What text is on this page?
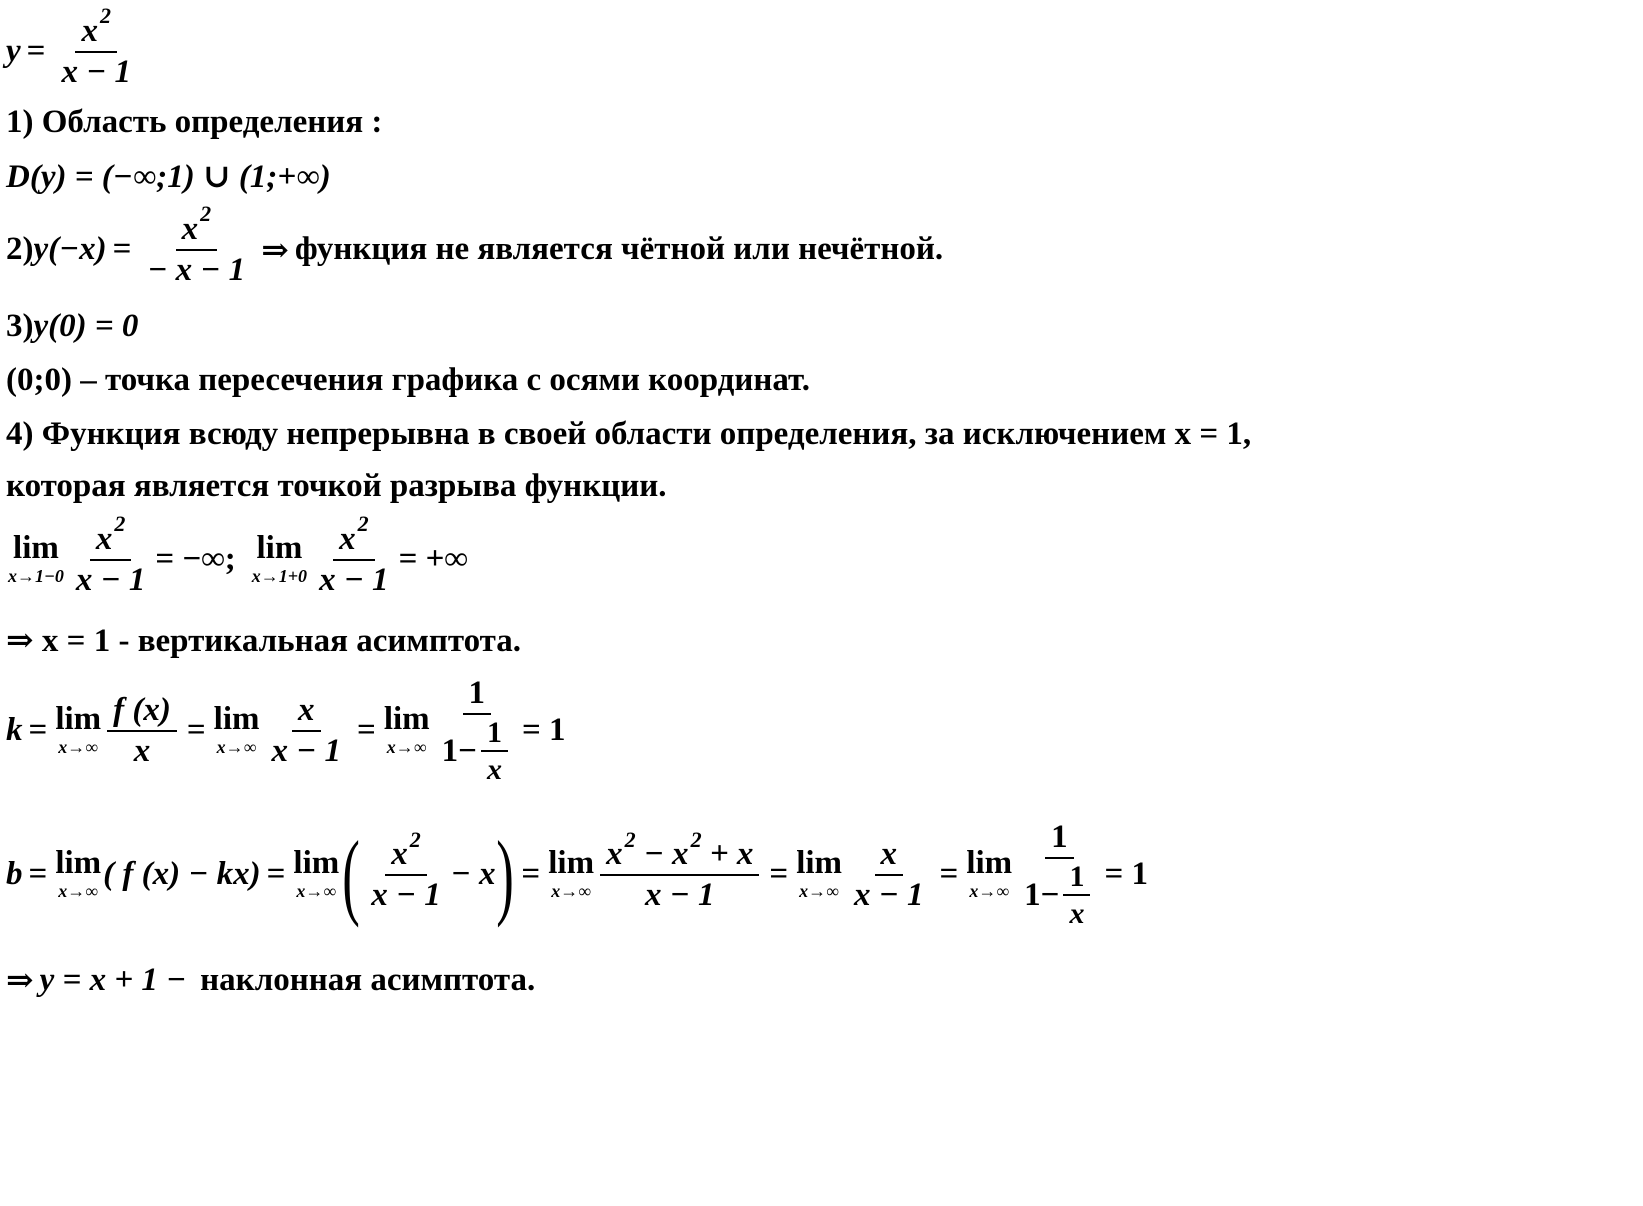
$y = \frac{x^2}{x - 1}$
1) Область определения :
D(y) = (−∞;1) ∪ (1;+∞)
2) $y(-x) = \frac{x^2}{- x - 1}$ ⇒ функция не является чётной или нечётной.
3) y(0) = 0
(0;0) – точка пересечения графика с осями координат.
4) Функция всюду непрерывна в своей области определения, за исключением x = 1,
которая является точкой разрыва функции.
lim
$x\to 1-0 \frac{x^2}{x - 1}$ = −∞; lim
$x\to 1+0 \frac{x^2}{x - 1}$ = +∞
⇒ x = 1 - вертикальная асимптота.
k = lim
$x\to\infty \frac{f (x)}{x} = \lim$
$x\to\infty \frac{x}{x - 1} = \lim$
$x\to\infty \frac{1}{1- \frac{1}{x}} = 1$
b = lim
x→∞ ( f (x) − kx) = lim
x→∞ ( $\frac{x^2}{x - 1} - x$ ) = lim
$x\to\infty \frac{x^2 - x^2 + x}{x - 1} = \lim$
$x\to\infty \frac{x}{x - 1} = \lim$
$x\to\infty \frac{1}{1- \frac{1}{x}} = 1$
⇒ y = x + 1 − наклонная асимптота.
